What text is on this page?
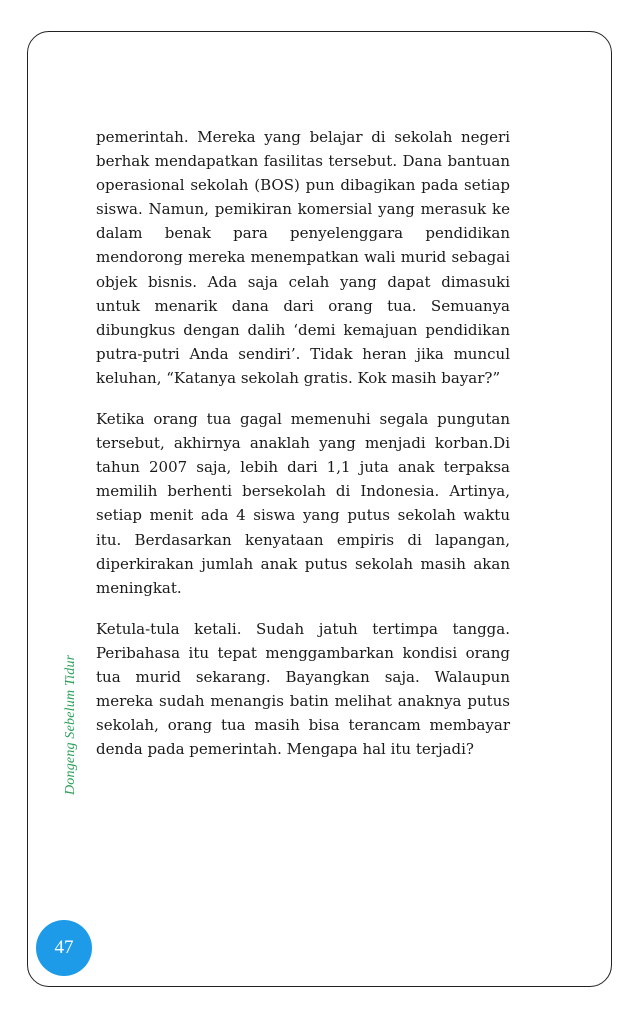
pemerintah. Mereka yang belajar di sekolah negeri berhak mendapatkan fasilitas tersebut. Dana bantuan operasional sekolah (BOS) pun dibagikan pada setiap siswa. Namun, pemikiran komersial yang merasuk ke dalam benak para penyelenggara pendidikan mendorong mereka menempatkan wali murid sebagai objek bisnis. Ada saja celah yang dapat dimasuki untuk menarik dana dari orang tua. Semuanya dibungkus dengan dalih ‘demi kemajuan pendidikan putra-putri Anda sendiri’. Tidak heran jika muncul keluhan, “Katanya sekolah gratis. Kok masih bayar?”

Ketika orang tua gagal memenuhi segala pungutan tersebut, akhirnya anaklah yang menjadi korban.Di tahun 2007 saja, lebih dari 1,1 juta anak terpaksa memilih berhenti bersekolah di Indonesia. Artinya, setiap menit ada 4 siswa yang putus sekolah waktu itu. Berdasarkan kenyataan empiris di lapangan, diperkirakan jumlah anak putus sekolah masih akan meningkat.

Ketula-tula ketali. Sudah jatuh tertimpa tangga. Peribahasa itu tepat menggambarkan kondisi orang tua murid sekarang. Bayangkan saja. Walaupun mereka sudah menangis batin melihat anaknya putus sekolah, orang tua masih bisa terancam membayar denda pada pemerintah. Mengapa hal itu terjadi?

Dongeng Sebelum Tidur
47
